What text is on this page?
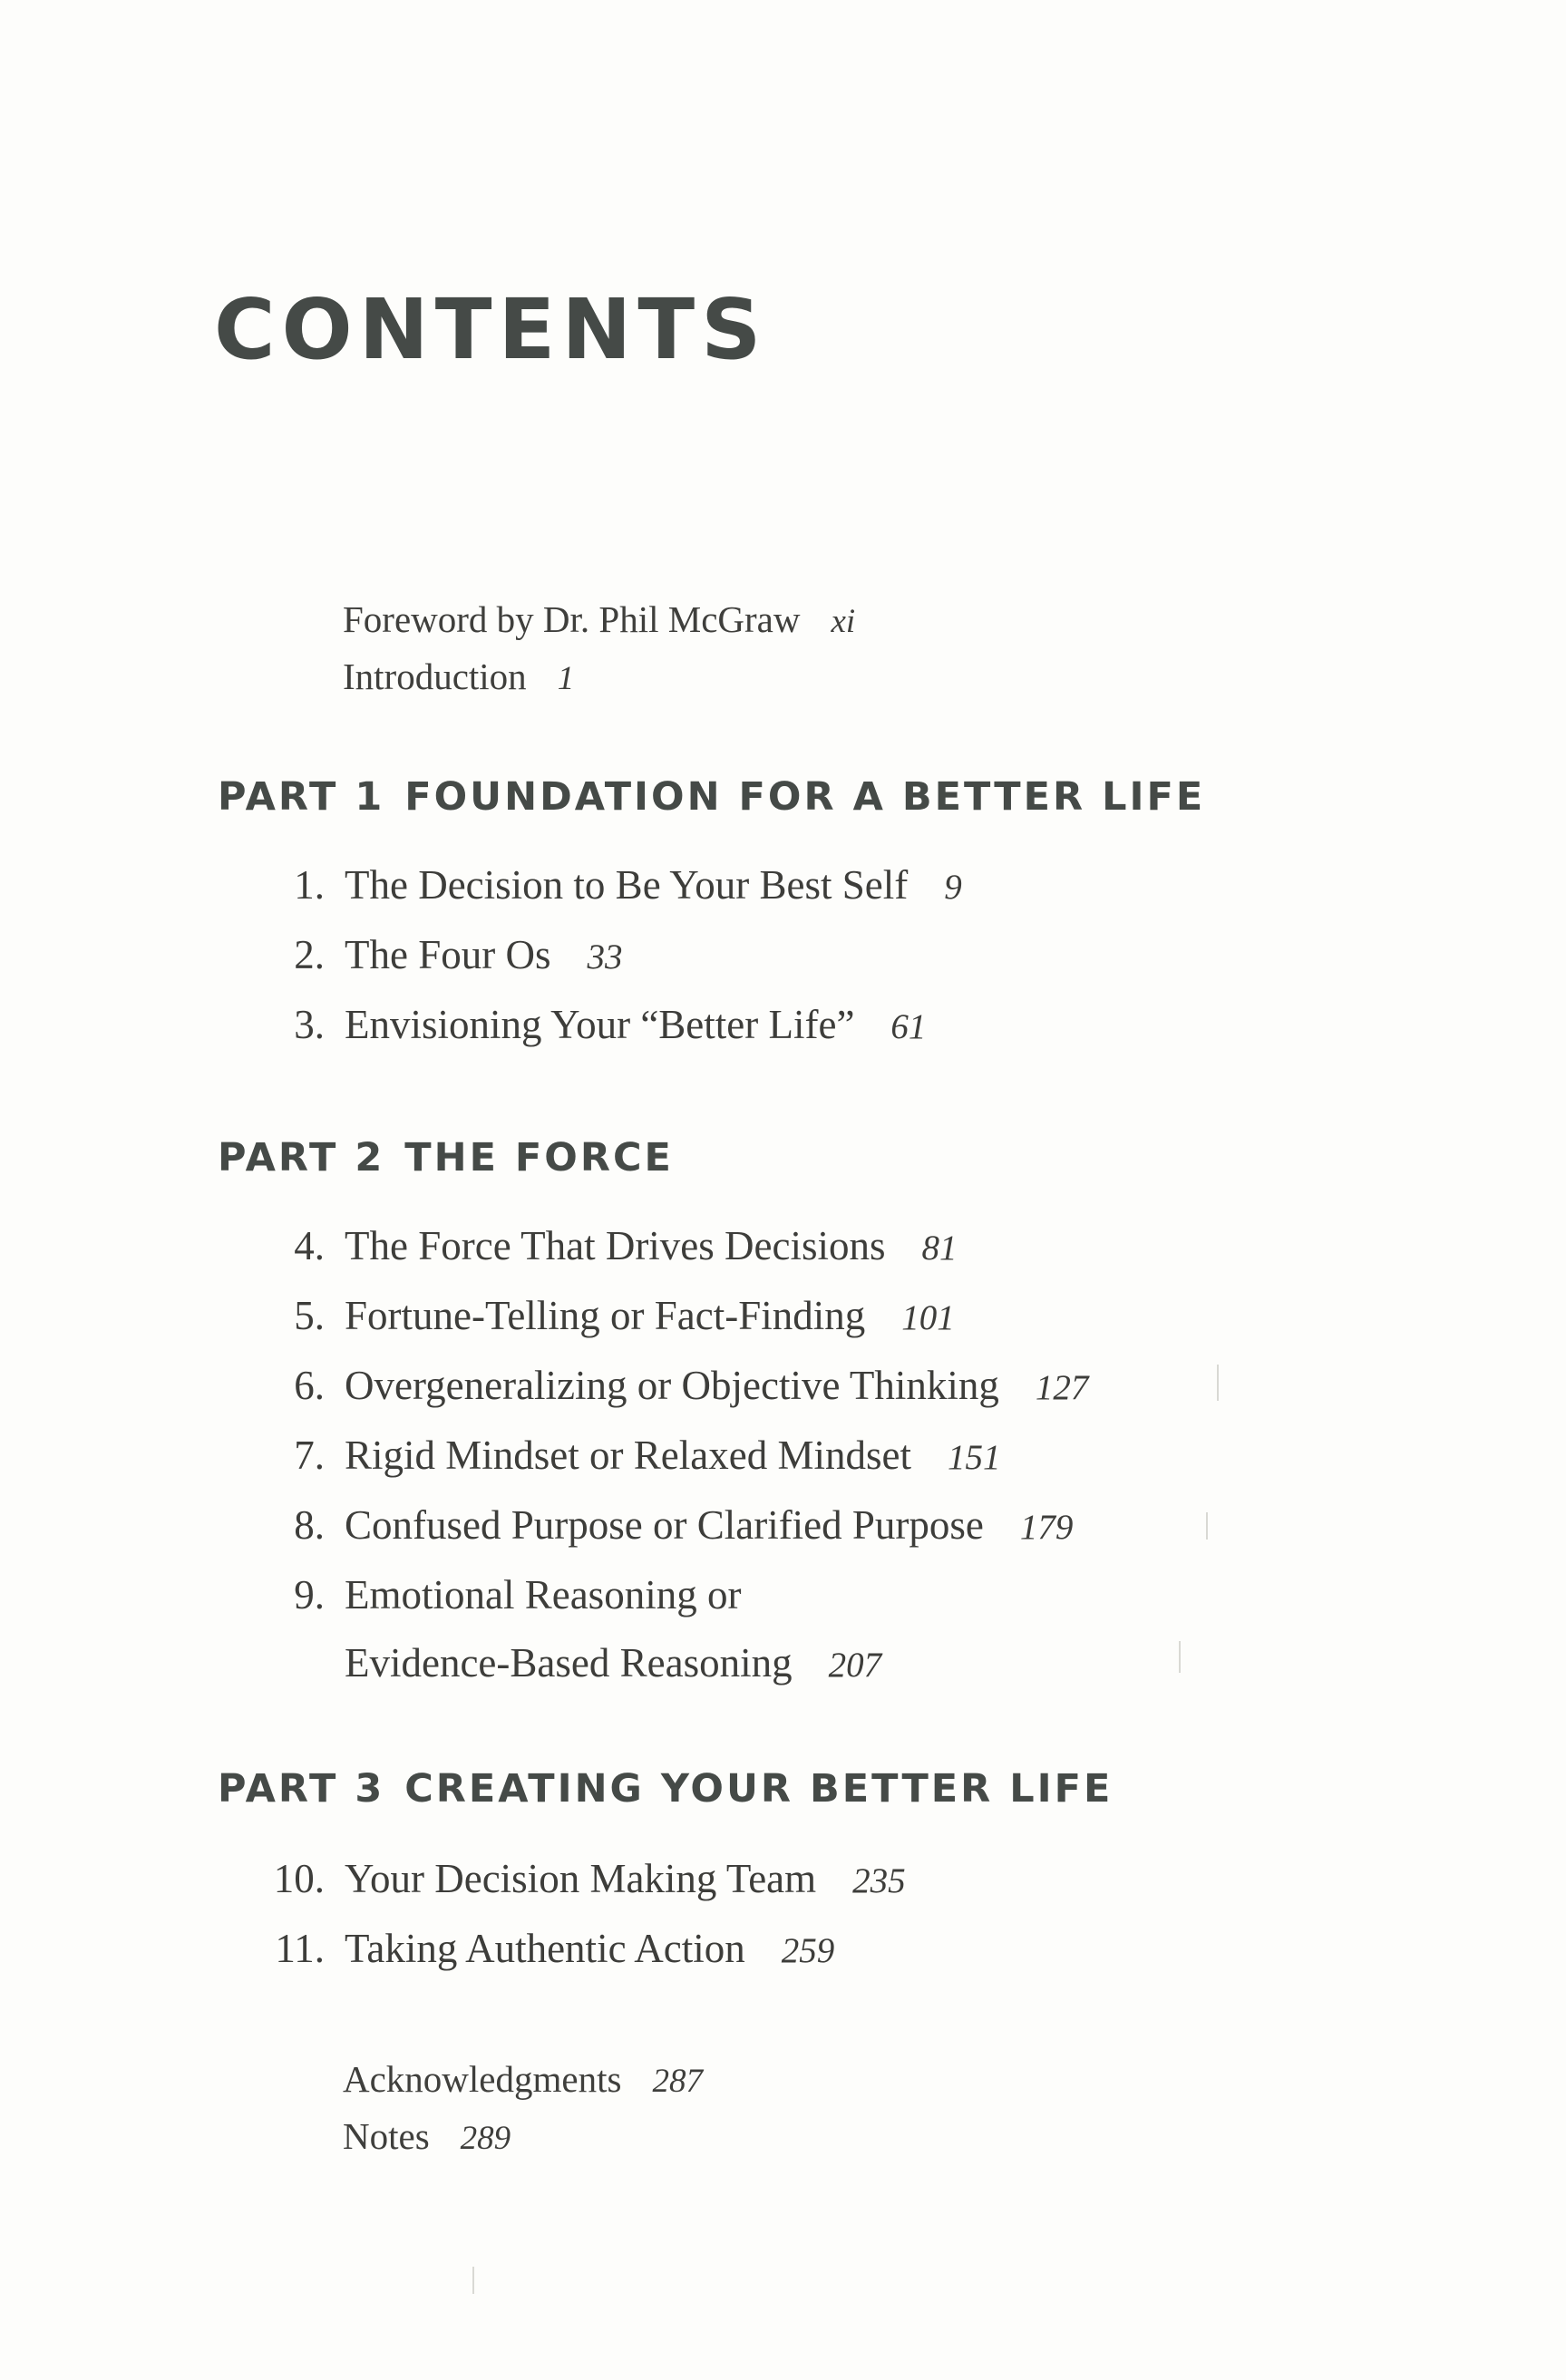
CONTENTS
Foreword by Dr. Phil McGraw xi
Introduction 1
PART 1 FOUNDATION FOR A BETTER LIFE
1. The Decision to Be Your Best Self 9
2. The Four Os 33
3. Envisioning Your “Better Life” 61
PART 2 THE FORCE
4. The Force That Drives Decisions 81
5. Fortune-Telling or Fact-Finding 101
6. Overgeneralizing or Objective Thinking 127
7. Rigid Mindset or Relaxed Mindset 151
8. Confused Purpose or Clarified Purpose 179
9. Emotional Reasoning or
Evidence-Based Reasoning 207
PART 3 CREATING YOUR BETTER LIFE
10. Your Decision Making Team 235
11. Taking Authentic Action 259
Acknowledgments 287
Notes 289
